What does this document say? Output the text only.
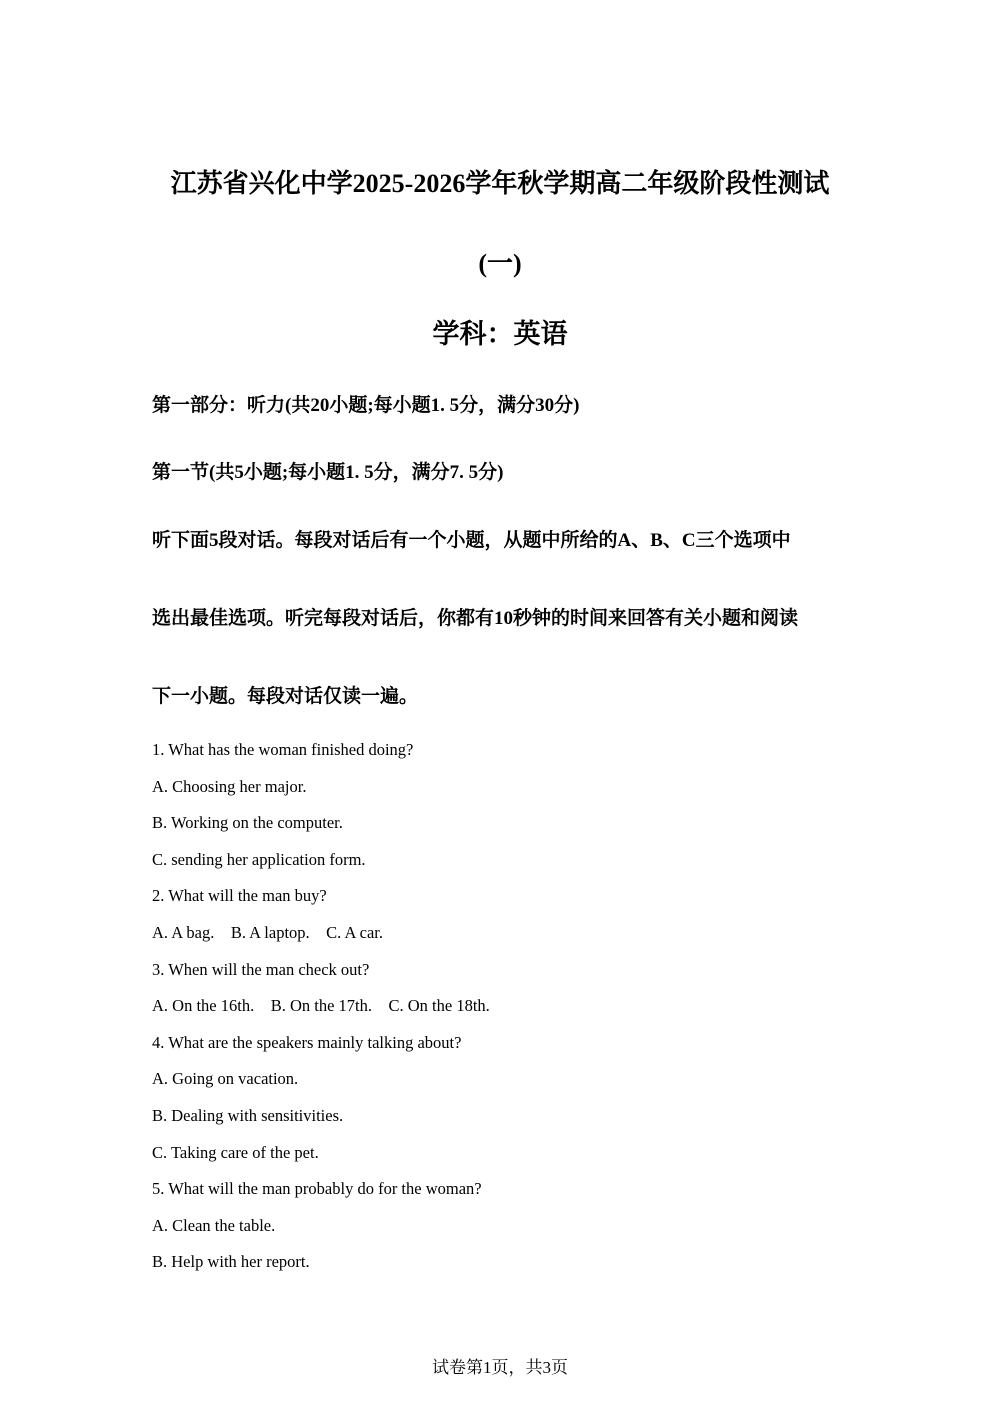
江苏省兴化中学2025-2026学年秋学期高二年级阶段性测试
(一)
学科：英语

第一部分：听力(共20小题;每小题1. 5分，满分30分)

第一节(共5小题;每小题1. 5分，满分7. 5分)

听下面5段对话。每段对话后有一个小题，从题中所给的A、B、C三个选项中

选出最佳选项。听完每段对话后，你都有10秒钟的时间来回答有关小题和阅读

下一小题。每段对话仅读一遍。

1. What has the woman finished doing?
A. Choosing her major.
B. Working on the computer.
C. sending her application form.
2. What will the man buy?
A. A bag.    B. A laptop.    C. A car.
3. When will the man check out?
A. On the 16th.    B. On the 17th.    C. On the 18th.
4. What are the speakers mainly talking about?
A. Going on vacation.
B. Dealing with sensitivities.
C. Taking care of the pet.
5. What will the man probably do for the woman?
A. Clean the table.
B. Help with her report.
试卷第1页，共3页
